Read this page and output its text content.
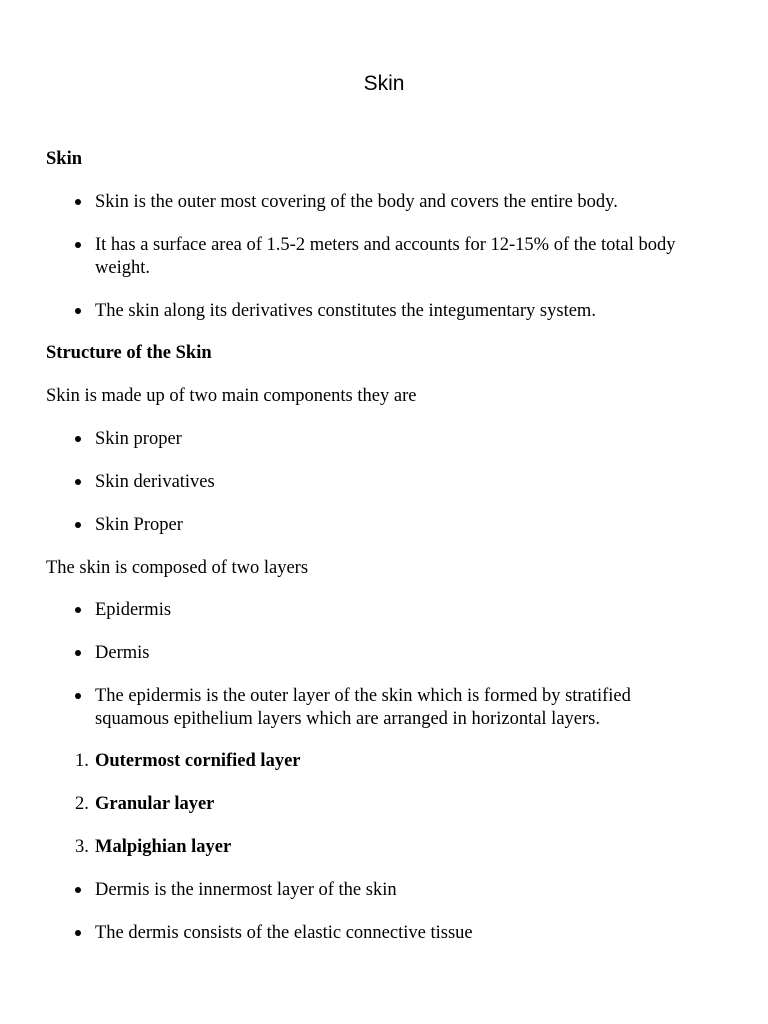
Skin
Skin
Skin is the outer most covering of the body and covers the entire body.
It has a surface area of 1.5-2 meters and accounts for 12-15% of the total body weight.
The skin along its derivatives constitutes the integumentary system.
Structure of the Skin
Skin is made up of two main components they are
Skin proper
Skin derivatives
Skin Proper
The skin is composed of two layers
Epidermis
Dermis
The epidermis is the outer layer of the skin which is formed by stratified squamous epithelium layers which are arranged in horizontal layers.
1. Outermost cornified layer
2. Granular layer
3. Malpighian layer
Dermis is the innermost layer of the skin
The dermis consists of the elastic connective tissue
